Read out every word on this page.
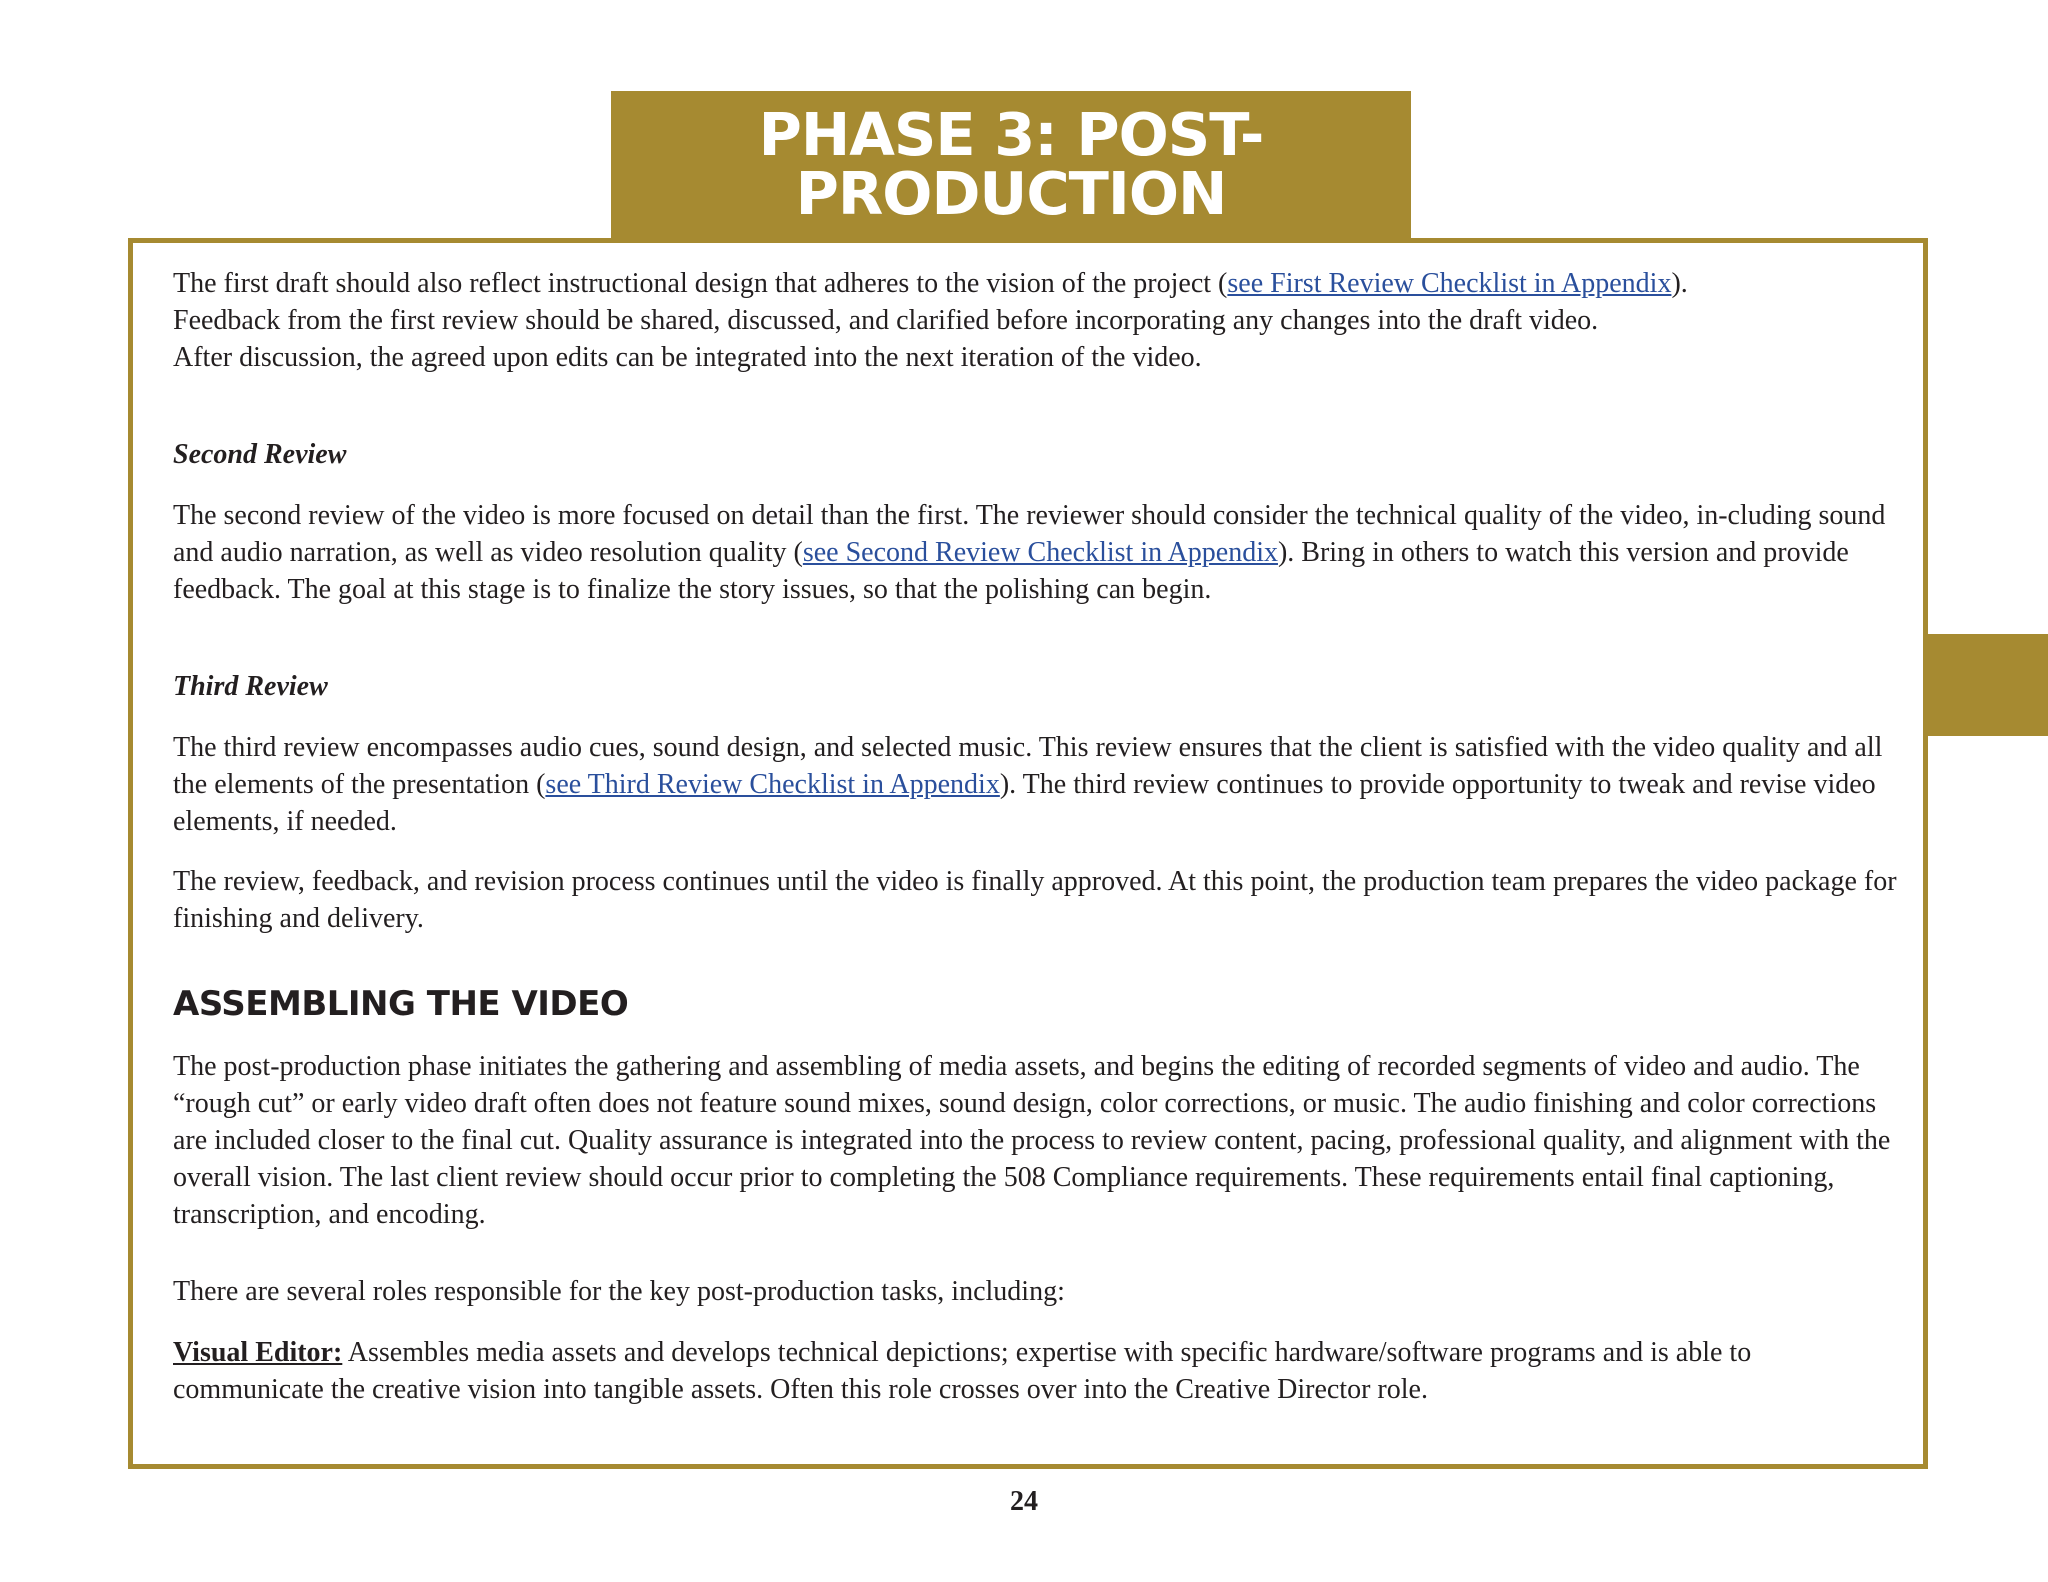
PHASE 3: POST-PRODUCTION

The first draft should also reflect instructional design that adheres to the vision of the project (see First Review Checklist in Appendix).
Feedback from the first review should be shared, discussed, and clarified before incorporating any changes into the draft video.
After discussion, the agreed upon edits can be integrated into the next iteration of the video.

Second Review

The second review of the video is more focused on detail than the first. The reviewer should consider the technical quality of the video, in-cluding sound and audio narration, as well as video resolution quality (see Second Review Checklist in Appendix). Bring in others to watch this version and provide feedback. The goal at this stage is to finalize the story issues, so that the polishing can begin.

Third Review

The third review encompasses audio cues, sound design, and selected music. This review ensures that the client is satisfied with the video quality and all the elements of the presentation (see Third Review Checklist in Appendix). The third review continues to provide opportunity to tweak and revise video elements, if needed.

The review, feedback, and revision process continues until the video is finally approved. At this point, the production team prepares the video package for finishing and delivery.

ASSEMBLING THE VIDEO

The post-production phase initiates the gathering and assembling of media assets, and begins the editing of recorded segments of video and audio. The “rough cut” or early video draft often does not feature sound mixes, sound design, color corrections, or music. The audio finishing and color corrections are included closer to the final cut. Quality assurance is integrated into the process to review content, pacing, professional quality, and alignment with the overall vision. The last client review should occur prior to completing the 508 Compliance requirements. These requirements entail final captioning, transcription, and encoding.

There are several roles responsible for the key post-production tasks, including:

Visual Editor: Assembles media assets and develops technical depictions; expertise with specific hardware/software programs and is able to communicate the creative vision into tangible assets. Often this role crosses over into the Creative Director role.

24
